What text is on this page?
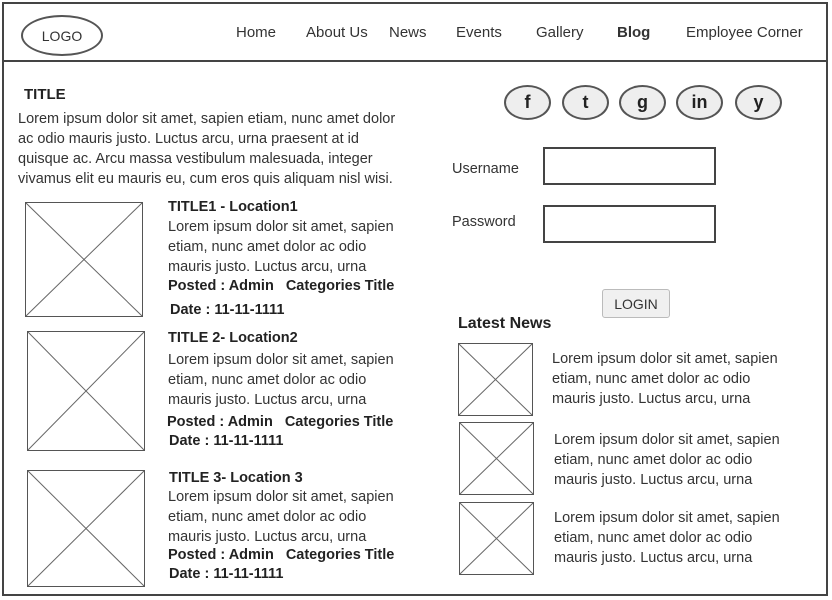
LOGO	Home About Us News Events Gallery Blog Employee Corner
TITLE
Lorem ipsum dolor sit amet, sapien etiam, nunc amet dolor ac odio mauris justo. Luctus arcu, urna praesent at id quisque ac. Arcu massa vestibulum malesuada, integer vivamus elit eu mauris eu, cum eros quis aliquam nisl wisi.
TITLE1 - Location1
Lorem ipsum dolor sit amet, sapien etiam, nunc amet dolor ac odio mauris justo. Luctus arcu, urna
Posted : Admin Categories Title
Date : 11-11-1111
TITLE 2- Location2
Lorem ipsum dolor sit amet, sapien etiam, nunc amet dolor ac odio mauris justo. Luctus arcu, urna
Posted : Admin Categories Title
Date : 11-11-1111
TITLE 3- Location 3
Lorem ipsum dolor sit amet, sapien etiam, nunc amet dolor ac odio mauris justo. Luctus arcu, urna
Posted : Admin Categories Title
Date : 11-11-1111
f	t	g in	y
Username
Password
LOGIN
Latest News
Lorem ipsum dolor sit amet, sapien etiam, nunc amet dolor ac odio mauris justo. Luctus arcu, urna
Lorem ipsum dolor sit amet, sapien etiam, nunc amet dolor ac odio mauris justo. Luctus arcu, urna
Lorem ipsum dolor sit amet, sapien etiam, nunc amet dolor ac odio mauris justo. Luctus arcu, urna
